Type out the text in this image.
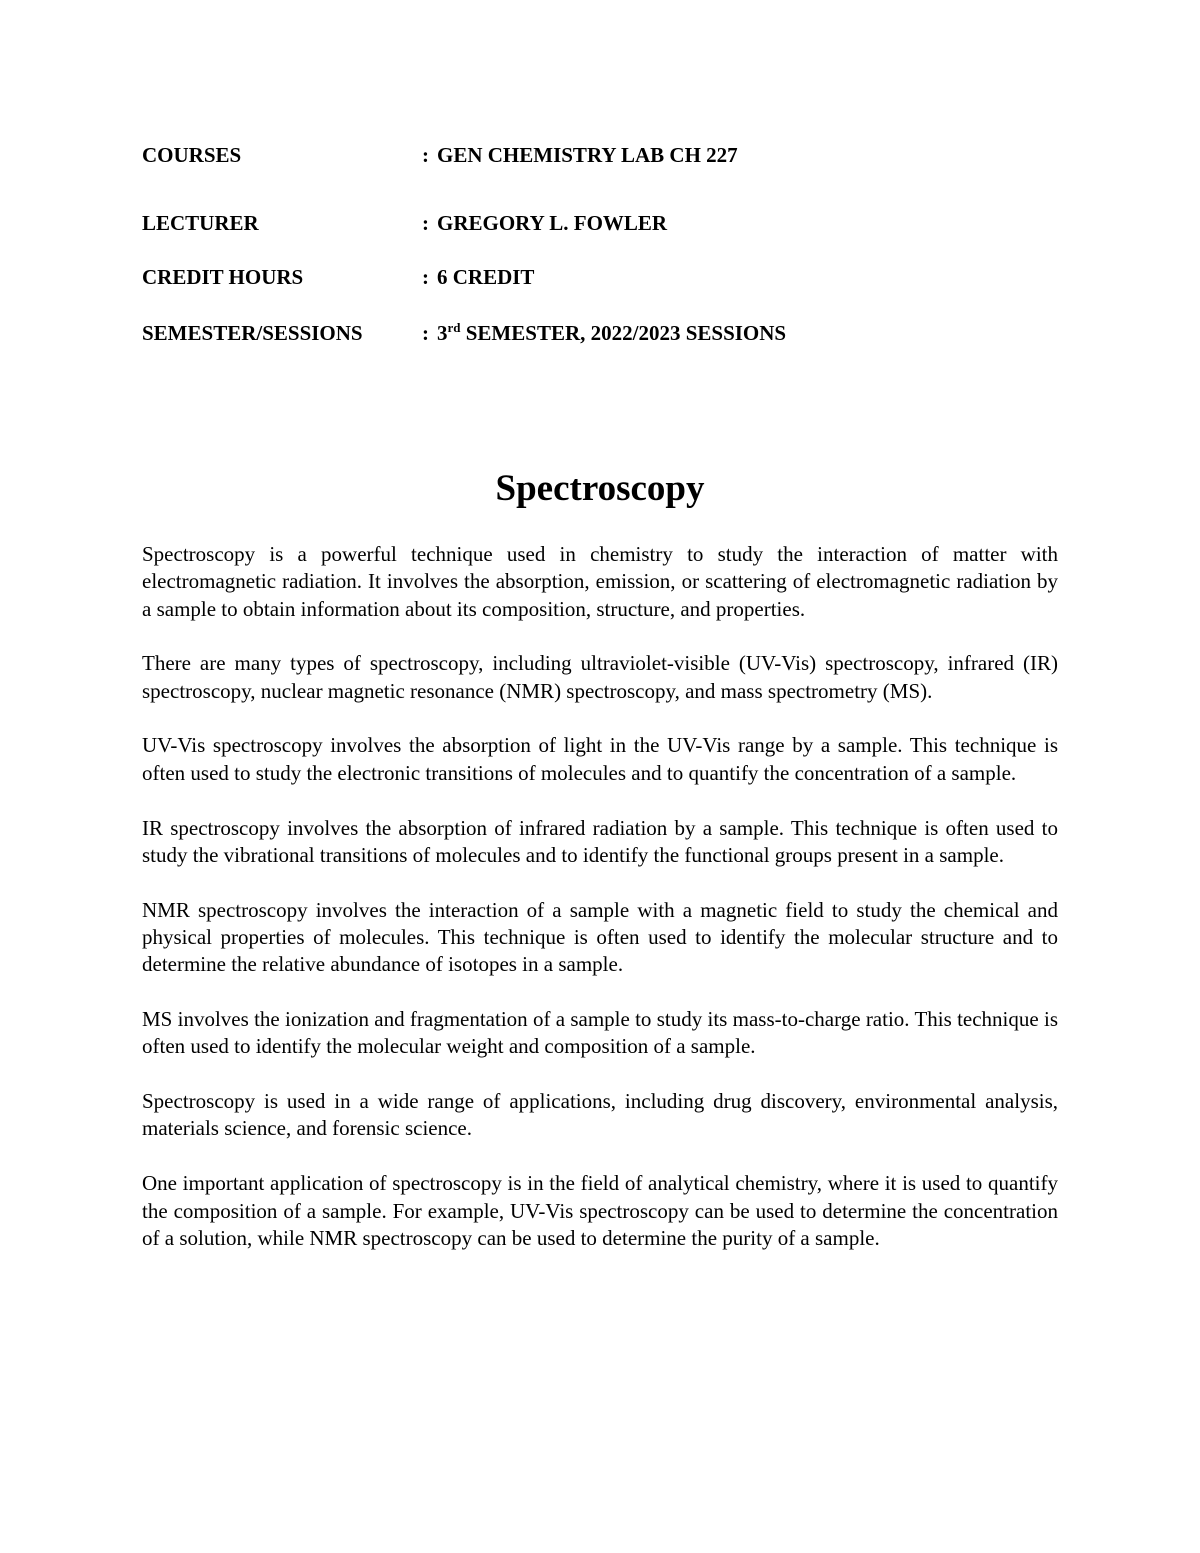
COURSES	: GEN CHEMISTRY LAB CH 227
LECTURER	: GREGORY L. FOWLER
CREDIT HOURS	: 6 CREDIT
SEMESTER/SESSIONS	: 3rd SEMESTER, 2022/2023 SESSIONS
Spectroscopy

Spectroscopy is a powerful technique used in chemistry to study the interaction of matter with electromagnetic radiation. It involves the absorption, emission, or scattering of electromagnetic radiation by a sample to obtain information about its composition, structure, and properties.

There are many types of spectroscopy, including ultraviolet-visible (UV-Vis) spectroscopy, infrared (IR) spectroscopy, nuclear magnetic resonance (NMR) spectroscopy, and mass spectrometry (MS).

UV-Vis spectroscopy involves the absorption of light in the UV-Vis range by a sample. This technique is often used to study the electronic transitions of molecules and to quantify the concentration of a sample.

IR spectroscopy involves the absorption of infrared radiation by a sample. This technique is often used to study the vibrational transitions of molecules and to identify the functional groups present in a sample.

NMR spectroscopy involves the interaction of a sample with a magnetic field to study the chemical and physical properties of molecules. This technique is often used to identify the molecular structure and to determine the relative abundance of isotopes in a sample.

MS involves the ionization and fragmentation of a sample to study its mass-to-charge ratio. This technique is often used to identify the molecular weight and composition of a sample.

Spectroscopy is used in a wide range of applications, including drug discovery, environmental analysis, materials science, and forensic science.

One important application of spectroscopy is in the field of analytical chemistry, where it is used to quantify the composition of a sample. For example, UV-Vis spectroscopy can be used to determine the concentration of a solution, while NMR spectroscopy can be used to determine the purity of a sample.
